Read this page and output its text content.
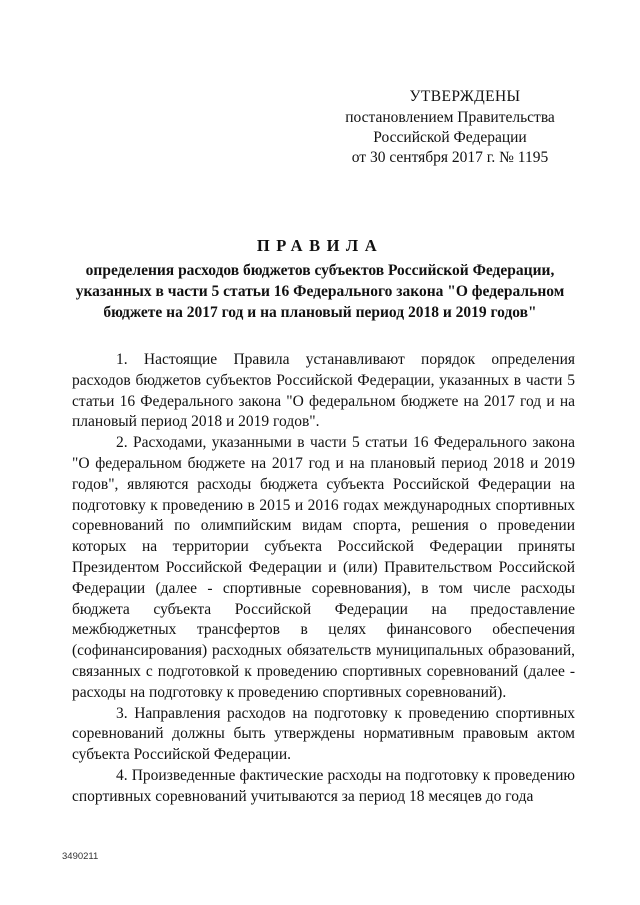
УТВЕРЖДЕНЫ
постановлением Правительства
Российской Федерации
от 30 сентября 2017 г. № 1195
ПРАВИЛА
определения расходов бюджетов субъектов Российской Федерации,
указанных в части 5 статьи 16 Федерального закона "О федеральном
бюджете на 2017 год и на плановый период 2018 и 2019 годов"

1. Настоящие Правила устанавливают порядок определения расходов бюджетов субъектов Российской Федерации, указанных в части 5 статьи 16 Федерального закона "О федеральном бюджете на 2017 год и на плановый период 2018 и 2019 годов".

2. Расходами, указанными в части 5 статьи 16 Федерального закона "О федеральном бюджете на 2017 год и на плановый период 2018 и 2019 годов", являются расходы бюджета субъекта Российской Федерации на подготовку к проведению в 2015 и 2016 годах международных спортивных соревнований по олимпийским видам спорта, решения о проведении которых на территории субъекта Российской Федерации приняты Президентом Российской Федерации и (или) Правительством Российской Федерации (далее - спортивные соревнования), в том числе расходы бюджета субъекта Российской Федерации на предоставление межбюджетных трансфертов в целях финансового обеспечения (софинансирования) расходных обязательств муниципальных образований, связанных с подготовкой к проведению спортивных соревнований (далее - расходы на подготовку к проведению спортивных соревнований).

3. Направления расходов на подготовку к проведению спортивных соревнований должны быть утверждены нормативным правовым актом субъекта Российской Федерации.

4. Произведенные фактические расходы на подготовку к проведению спортивных соревнований учитываются за период 18 месяцев до года

3490211
